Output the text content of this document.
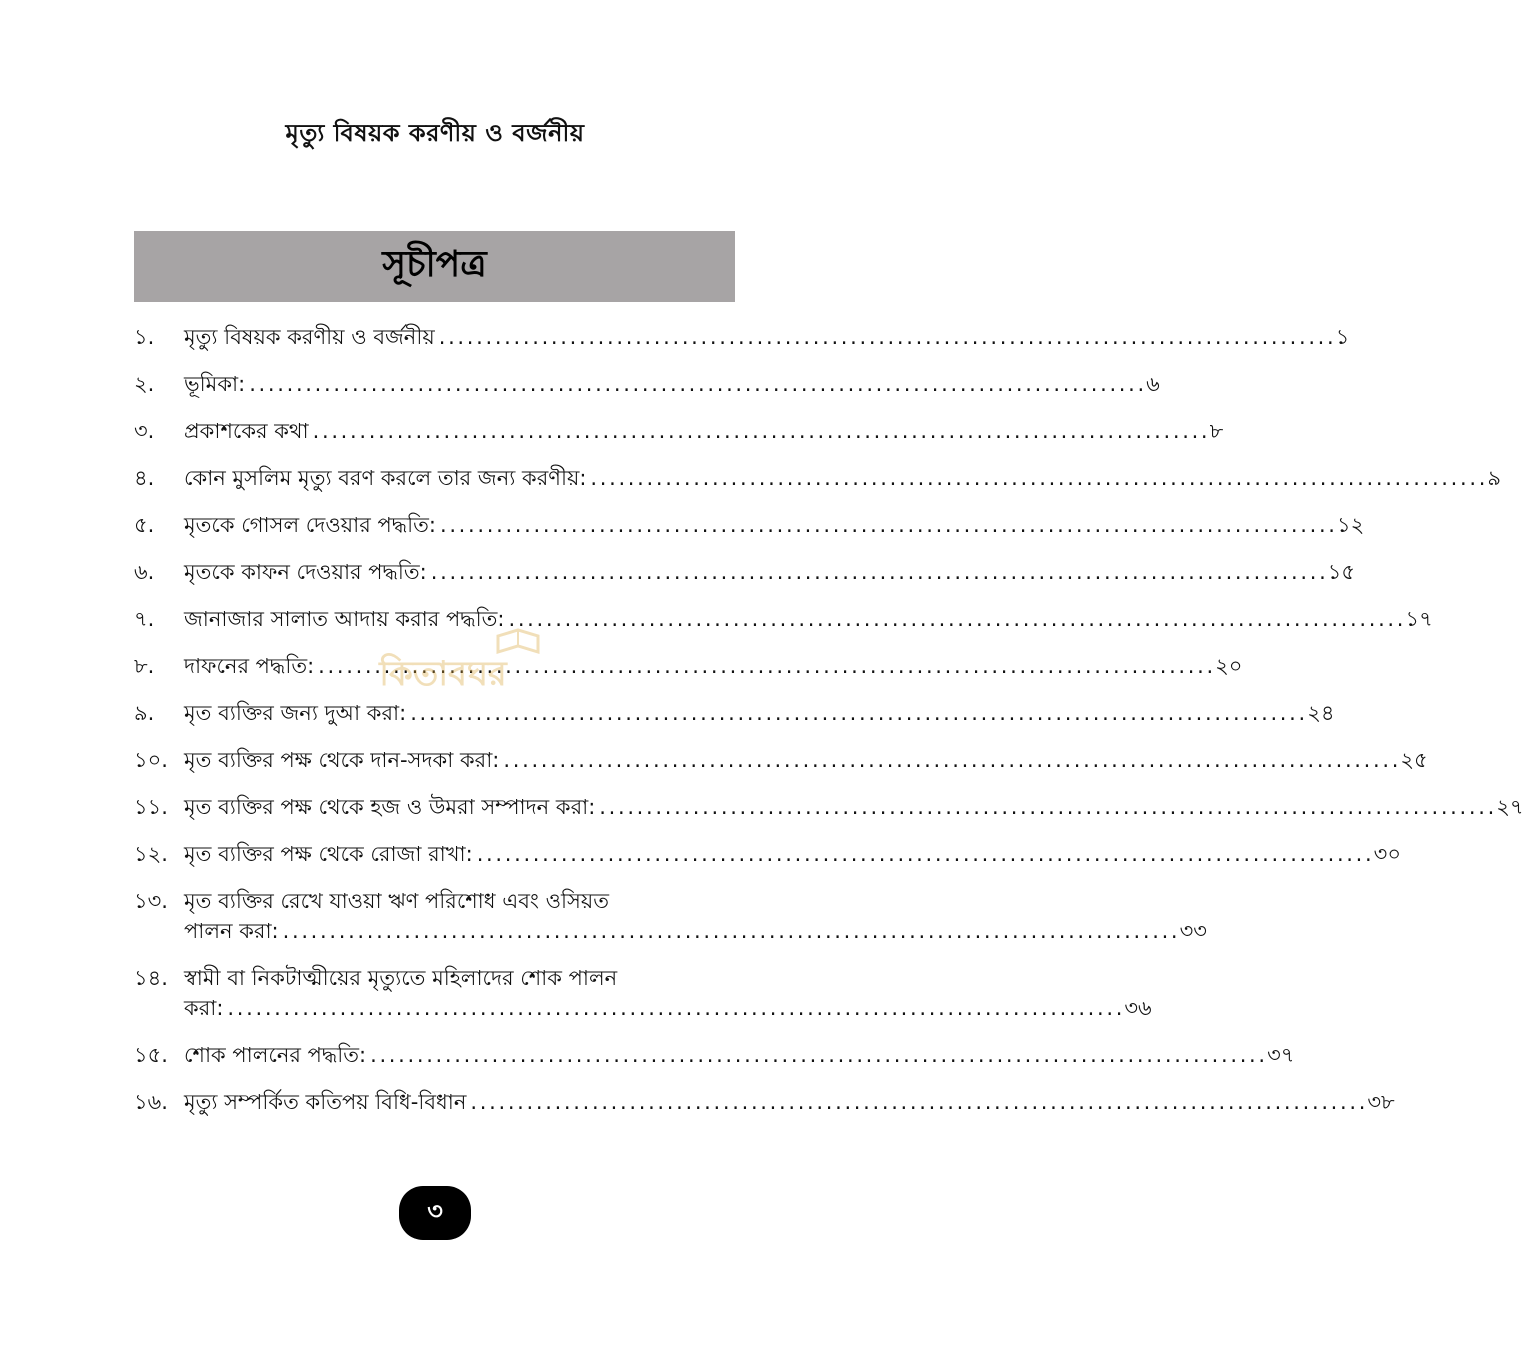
মৃত্যু বিষয়ক করণীয় ও বর্জনীয়
সূচীপত্র
১.	মৃত্যু বিষয়ক করণীয় ও বর্জনীয় . . .	১
২.	ভূমিকা: . . .	৬
৩.	প্রকাশকের কথা . . .	৮
৪.	কোন মুসলিম মৃত্যু বরণ করলে তার জন্য করণীয়: . . .	৯
৫.	মৃতকে গোসল দেওয়ার পদ্ধতি: . . .	১২
৬.	মৃতকে কাফন দেওয়ার পদ্ধতি: . . .	১৫
৭.	জানাজার সালাত আদায় করার পদ্ধতি: . . .	১৭
৮.	দাফনের পদ্ধতি: . . .	২০
৯.	মৃত ব্যক্তির জন্য দুআ করা: . . .	২৪
১০. মৃত ব্যক্তির পক্ষ থেকে দান-সদকা করা: . . .	২৫
১১. মৃত ব্যক্তির পক্ষ থেকে হজ ও উমরা সম্পাদন করা: . . .	২৭
১২. মৃত ব্যক্তির পক্ষ থেকে রোজা রাখা: . . .	৩০
১৩. মৃত ব্যক্তির রেখে যাওয়া ঋণ পরিশোধ এবং ওসিয়ত
পালন করা: . . .	৩৩
১৪. স্বামী বা নিকটাত্মীয়ের মৃত্যুতে মহিলাদের শোক পালন
করা: . . .	৩৬
১৫. শোক পালনের পদ্ধতি: . . .	৩৭
১৬. মৃত্যু সম্পর্কিত কতিপয় বিধি-বিধান . . .	৩৮
কিতাবঘর
৩
